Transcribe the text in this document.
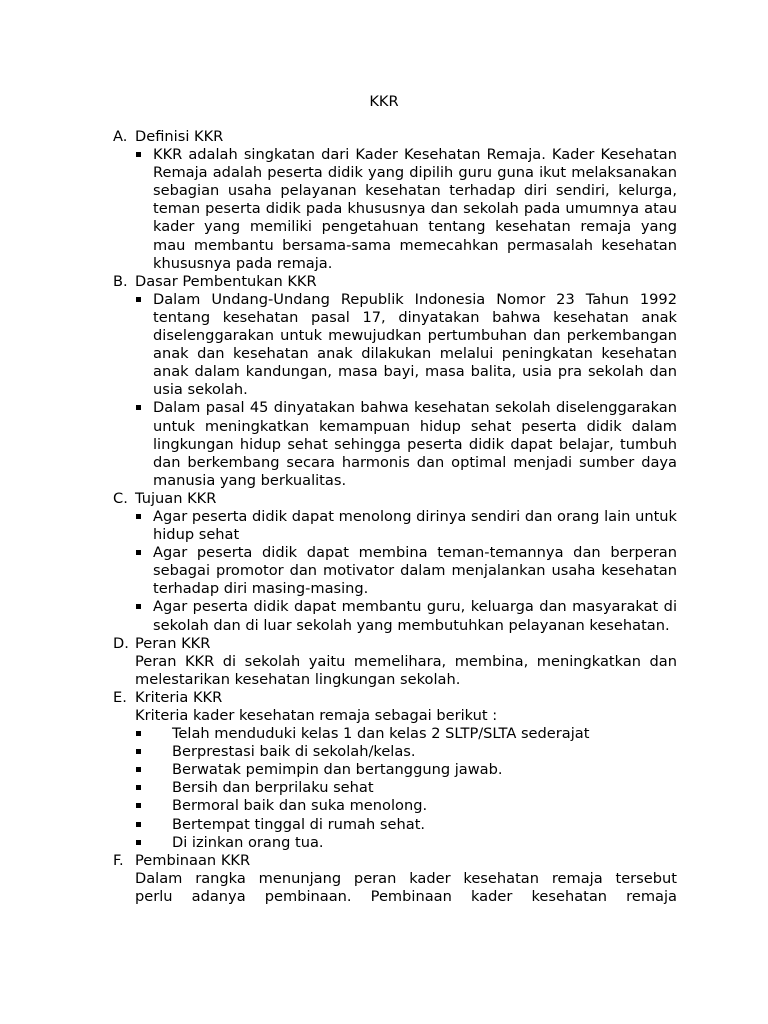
KKR
A. Definisi KKR
KKR adalah singkatan dari Kader Kesehatan Remaja. Kader Kesehatan Remaja adalah peserta didik yang dipilih guru guna ikut melaksanakan sebagian usaha pelayanan kesehatan terhadap diri sendiri, kelurga, teman peserta didik pada khususnya dan sekolah pada umumnya atau kader yang memiliki pengetahuan tentang kesehatan remaja yang mau membantu bersama-sama memecahkan permasalah kesehatan khususnya pada remaja.
B. Dasar Pembentukan KKR
Dalam Undang-Undang Republik Indonesia Nomor 23 Tahun 1992 tentang kesehatan pasal 17, dinyatakan bahwa kesehatan anak diselenggarakan untuk mewujudkan pertumbuhan dan perkembangan anak dan kesehatan anak dilakukan melalui peningkatan kesehatan anak dalam kandungan, masa bayi, masa balita, usia pra sekolah dan usia sekolah.
Dalam pasal 45 dinyatakan bahwa kesehatan sekolah diselenggarakan untuk meningkatkan kemampuan hidup sehat peserta didik dalam lingkungan hidup sehat sehingga peserta didik dapat belajar, tumbuh dan berkembang secara harmonis dan optimal menjadi sumber daya manusia yang berkualitas.
C. Tujuan KKR
Agar peserta didik dapat menolong dirinya sendiri dan orang lain untuk hidup sehat
Agar peserta didik dapat membina teman-temannya dan berperan sebagai promotor dan motivator dalam menjalankan usaha kesehatan terhadap diri masing-masing.
Agar peserta didik dapat membantu guru, keluarga dan masyarakat di sekolah dan di luar sekolah yang membutuhkan pelayanan kesehatan.
D. Peran KKR
Peran KKR di sekolah yaitu memelihara, membina, meningkatkan dan melestarikan kesehatan lingkungan sekolah.
E. Kriteria KKR
Kriteria kader kesehatan remaja sebagai berikut :
Telah menduduki kelas 1 dan kelas 2 SLTP/SLTA sederajat
Berprestasi baik di sekolah/kelas.
Berwatak pemimpin dan bertanggung jawab.
Bersih dan berprilaku sehat
Bermoral baik dan suka menolong.
Bertempat tinggal di rumah sehat.
Di izinkan orang tua.
F. Pembinaan KKR
Dalam rangka menunjang peran kader kesehatan remaja tersebut
perlu adanya pembinaan. Pembinaan kader kesehatan remaja
